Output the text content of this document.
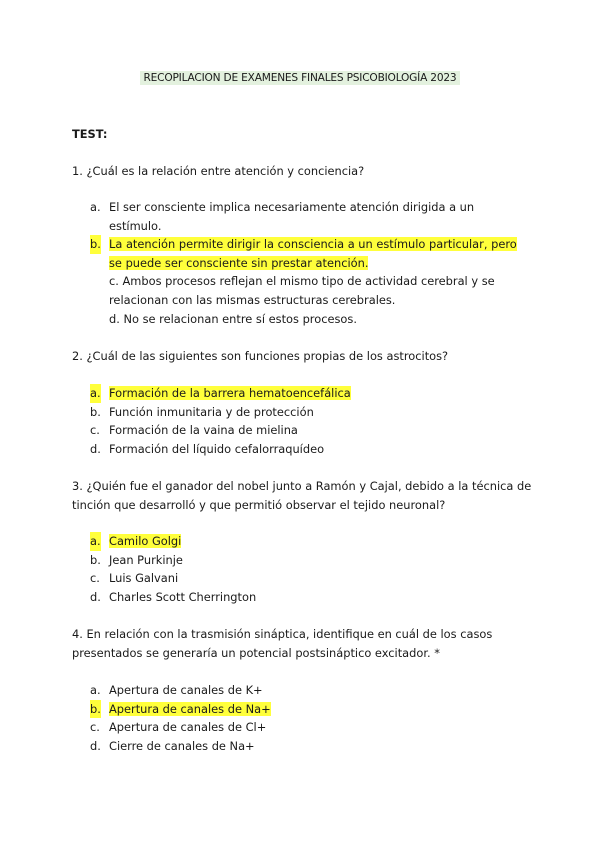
RECOPILACION DE EXAMENES FINALES PSICOBIOLOGÍA 2023
TEST:
1. ¿Cuál es la relación entre atención y conciencia?
a. El ser consciente implica necesariamente atención dirigida a un estímulo.
b. La atención permite dirigir la consciencia a un estímulo particular, pero se puede ser consciente sin prestar atención.
c. Ambos procesos reflejan el mismo tipo de actividad cerebral y se relacionan con las mismas estructuras cerebrales.
d. No se relacionan entre sí estos procesos.
2. ¿Cuál de las siguientes son funciones propias de los astrocitos?
a. Formación de la barrera hematoencefálica
b. Función inmunitaria y de protección
c. Formación de la vaina de mielina
d. Formación del líquido cefalorraquídeo
3. ¿Quién fue el ganador del nobel junto a Ramón y Cajal, debido a la técnica de tinción que desarrolló y que permitió observar el tejido neuronal?
a. Camilo Golgi
b. Jean Purkinje
c. Luis Galvani
d. Charles Scott Cherrington
4. En relación con la trasmisión sináptica, identifique en cuál de los casos presentados se generaría un potencial postsináptico excitador. *
a. Apertura de canales de K+
b. Apertura de canales de Na+
c. Apertura de canales de Cl+
d. Cierre de canales de Na+
